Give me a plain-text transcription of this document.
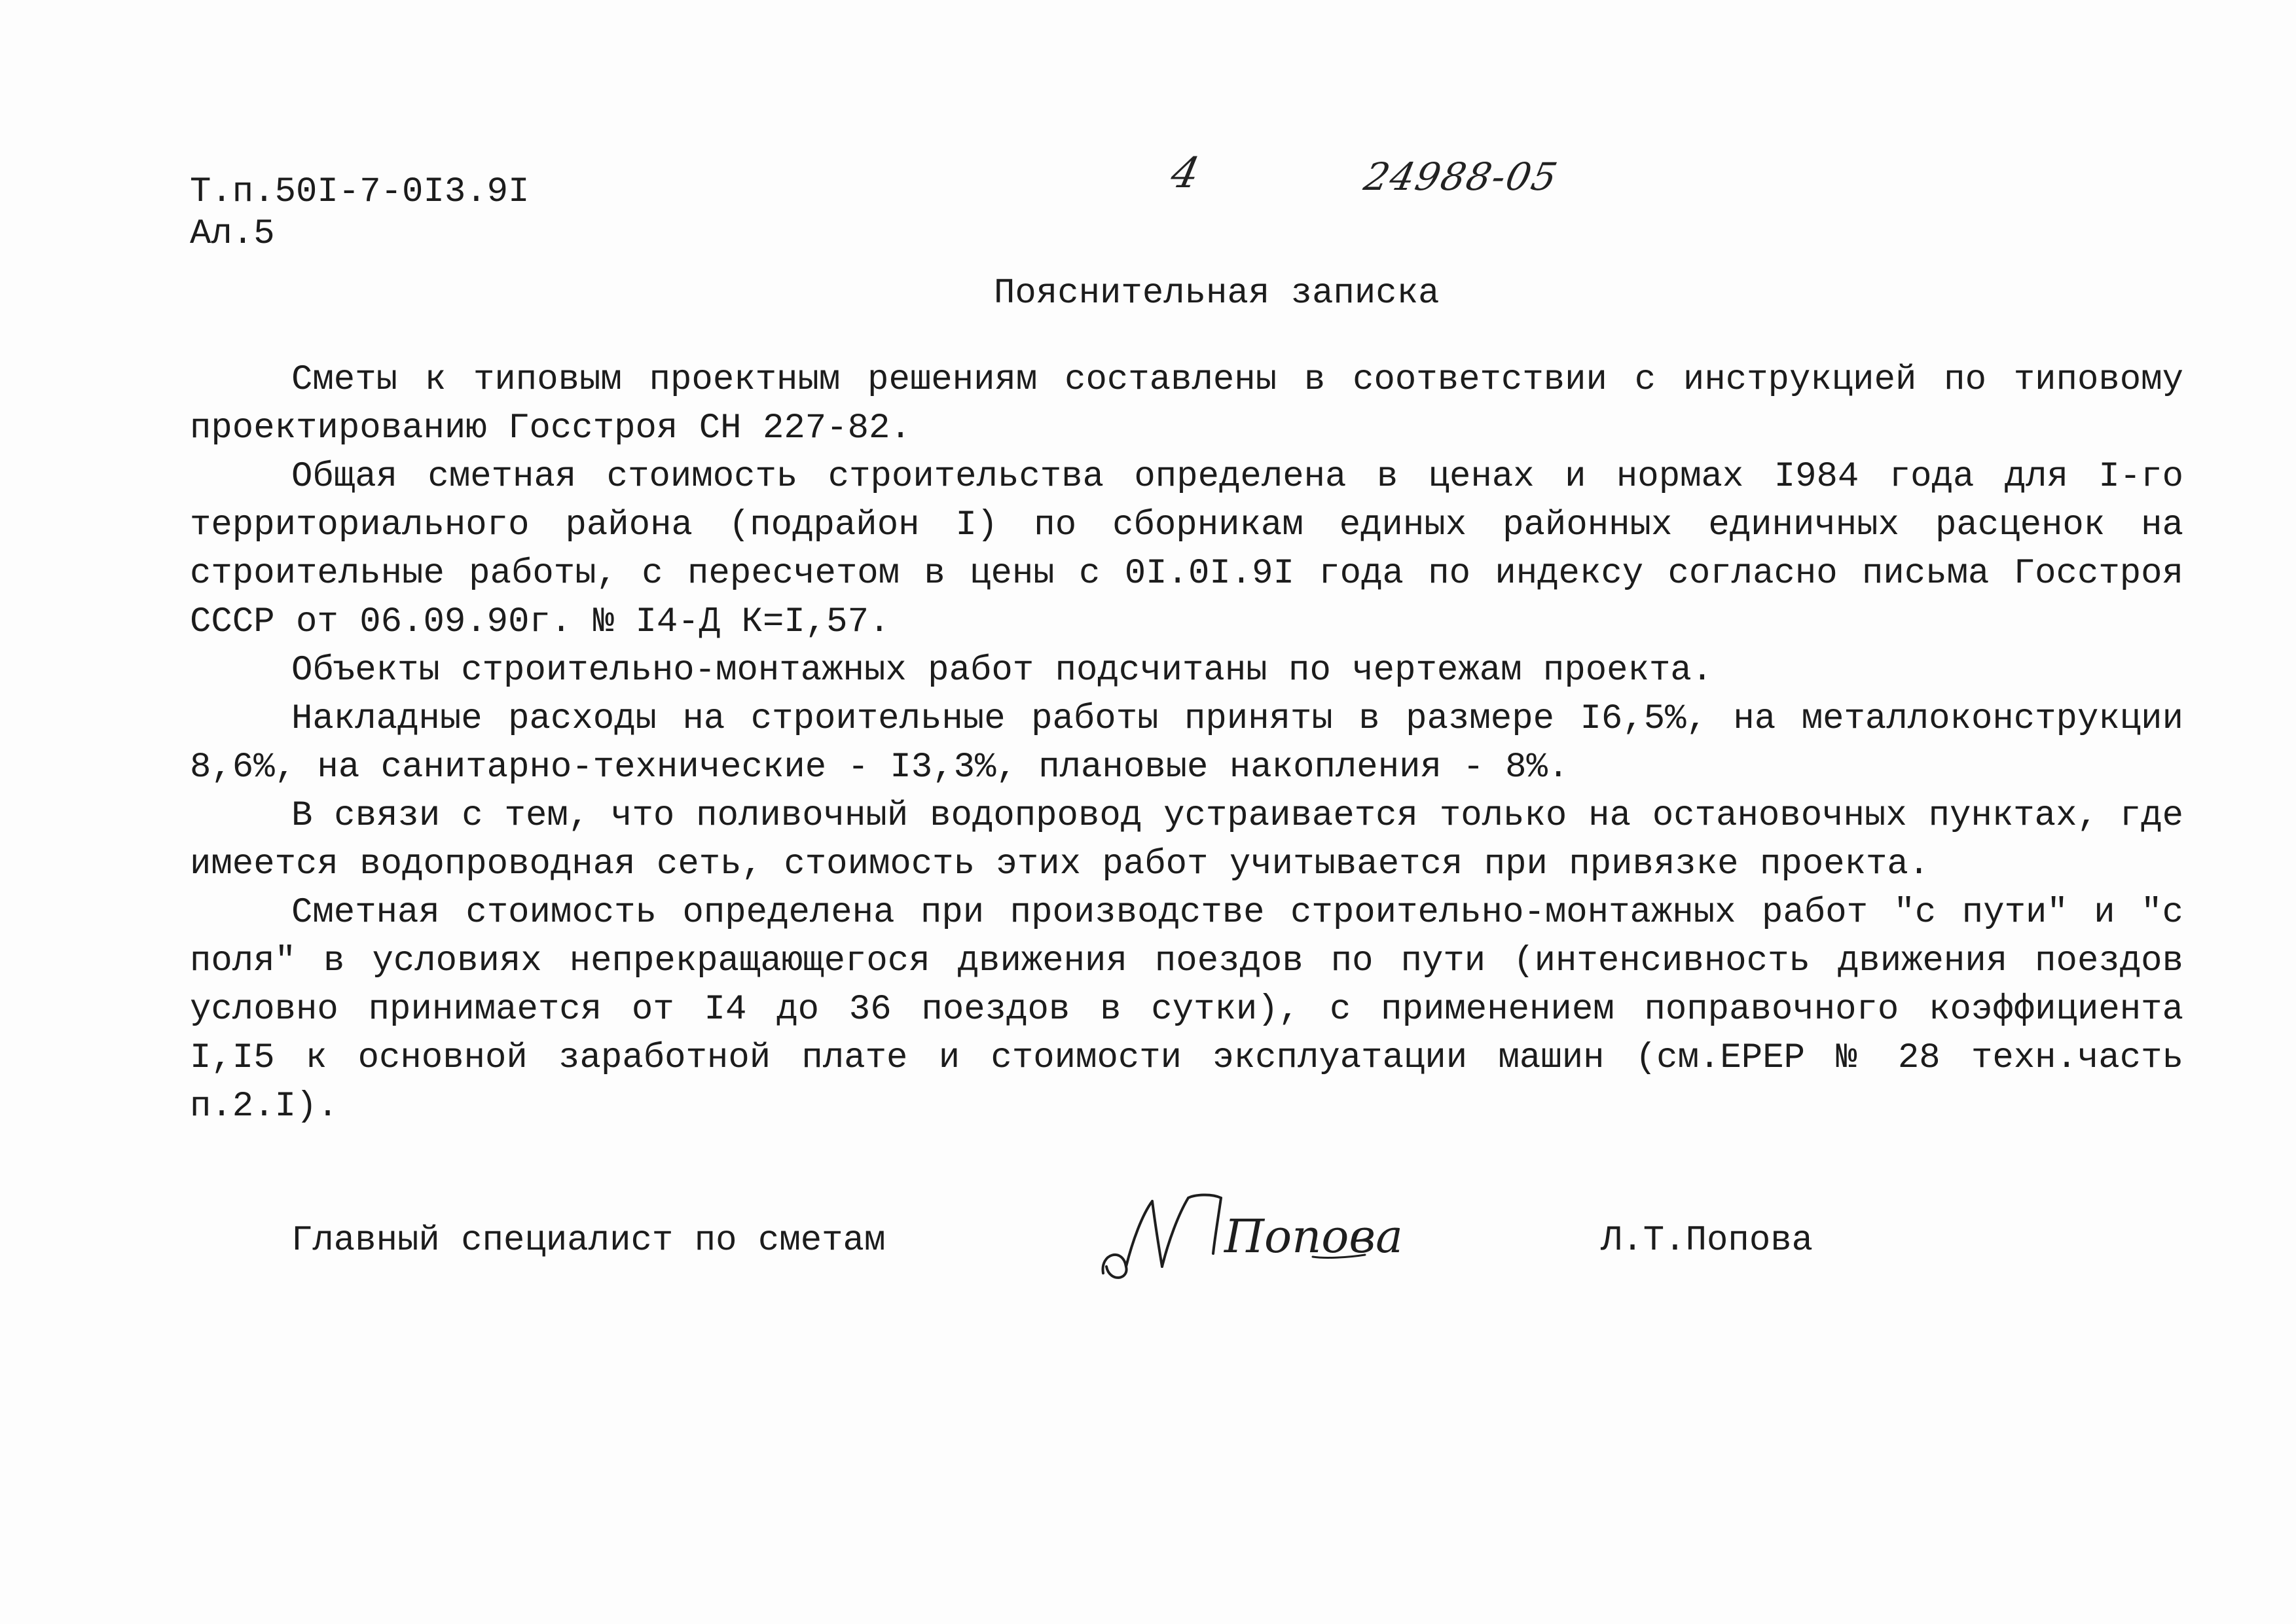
Т.п.50I-7-0I3.9I
Ал.5
4	24988-05
Пояснительная записка

Сметы к типовым проектным решениям составлены в соответствии с инструкцией по типовому проектированию Госстроя СН 227-82.

Общая сметная стоимость строительства определена в ценах и нормах I984 года для I-го территориального района (подрайон I) по сборникам единых районных единичных расценок на строительные работы, с пересчетом в цены с 0I.0I.9I года по индексу согласно письма Госстроя СССР от 06.09.90г. № I4-Д К=I,57.

Объекты строительно-монтажных работ подсчитаны по чертежам проекта.

Накладные расходы на строительные работы приняты в размере I6,5%, на металлоконструкции 8,6%, на санитарно-технические - I3,3%, плановые накопления - 8%.

В связи с тем, что поливочный водопровод устраивается только на остановочных пунктах, где имеется водопроводная сеть, стоимость этих работ учитывается при привязке проекта.

Сметная стоимость определена при производстве строительно-монтажных работ "с пути" и "с поля" в условиях непрекращающегося движения поездов по пути (интенсивность движения поездов условно принимается от I4 до 36 поездов в сутки), с применением поправочного коэффициента I,I5 к основной заработной плате и стоимости эксплуатации машин (см.ЕРЕР № 28 техн.часть п.2.I).

Главный специалист по сметам	Попова	Л.Т.Попова
